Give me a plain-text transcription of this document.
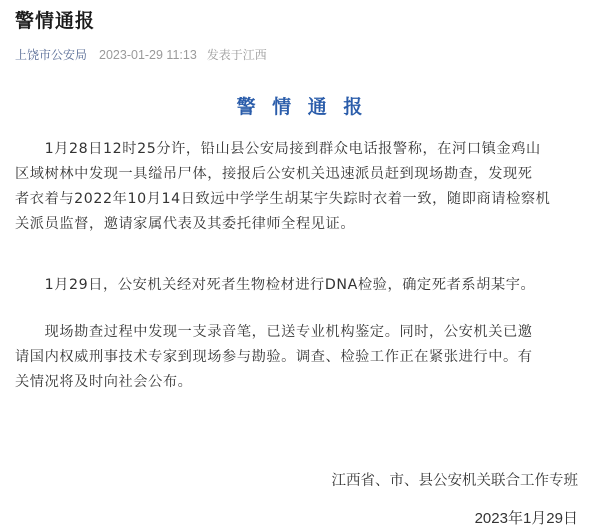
警情通报
上饶市公安局 2023-01-29 11:13 发表于江西
警 情 通 报
　　1月28日12时25分许，铅山县公安局接到群众电话报警称，在河口镇金鸡山
区域树林中发现一具缢吊尸体，接报后公安机关迅速派员赶到现场勘查，发现死
者衣着与2022年10月14日致远中学学生胡某宇失踪时衣着一致，随即商请检察机
关派员监督，邀请家属代表及其委托律师全程见证。
　　1月29日，公安机关经对死者生物检材进行DNA检验，确定死者系胡某宇。
　　现场勘查过程中发现一支录音笔，已送专业机构鉴定。同时，公安机关已邀
请国内权威刑事技术专家到现场参与勘验。调查、检验工作正在紧张进行中。有
关情况将及时向社会公布。
江西省、市、县公安机关联合工作专班
2023年1月29日
